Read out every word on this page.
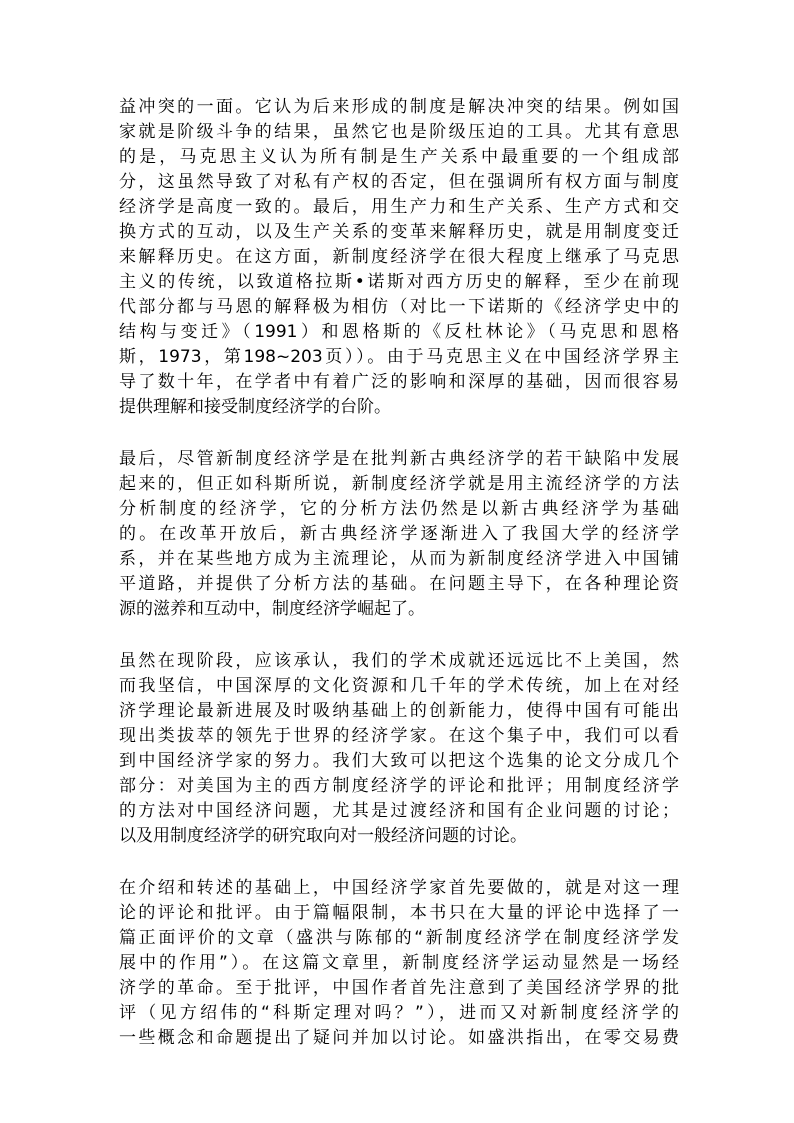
益冲突的一面。它认为后来形成的制度是解决冲突的结果。例如国
家就是阶级斗争的结果，虽然它也是阶级压迫的工具。尤其有意思
的是，马克思主义认为所有制是生产关系中最重要的一个组成部
分，这虽然导致了对私有产权的否定，但在强调所有权方面与制度
经济学是高度一致的。最后，用生产力和生产关系、生产方式和交
换方式的互动，以及生产关系的变革来解释历史，就是用制度变迁
来解释历史。在这方面，新制度经济学在很大程度上继承了马克思
主义的传统，以致道格拉斯•诺斯对西方历史的解释，至少在前现
代部分都与马恩的解释极为相仿（对比一下诺斯的《经济学史中的
结构与变迁》（1991）和恩格斯的《反杜林论》（马克思和恩格
斯，1973，第198~203页））。由于马克思主义在中国经济学界主
导了数十年，在学者中有着广泛的影响和深厚的基础，因而很容易
提供理解和接受制度经济学的台阶。
最后，尽管新制度经济学是在批判新古典经济学的若干缺陷中发展
起来的，但正如科斯所说，新制度经济学就是用主流经济学的方法
分析制度的经济学，它的分析方法仍然是以新古典经济学为基础
的。在改革开放后，新古典经济学逐渐进入了我国大学的经济学
系，并在某些地方成为主流理论，从而为新制度经济学进入中国铺
平道路，并提供了分析方法的基础。在问题主导下，在各种理论资
源的滋养和互动中，制度经济学崛起了。
虽然在现阶段，应该承认，我们的学术成就还远远比不上美国，然
而我坚信，中国深厚的文化资源和几千年的学术传统，加上在对经
济学理论最新进展及时吸纳基础上的创新能力，使得中国有可能出
现出类拔萃的领先于世界的经济学家。在这个集子中，我们可以看
到中国经济学家的努力。我们大致可以把这个选集的论文分成几个
部分：对美国为主的西方制度经济学的评论和批评；用制度经济学
的方法对中国经济问题，尤其是过渡经济和国有企业问题的讨论；
以及用制度经济学的研究取向对一般经济问题的讨论。
在介绍和转述的基础上，中国经济学家首先要做的，就是对这一理
论的评论和批评。由于篇幅限制，本书只在大量的评论中选择了一
篇正面评价的文章（盛洪与陈郁的“新制度经济学在制度经济学发
展中的作用”）。在这篇文章里，新制度经济学运动显然是一场经
济学的革命。至于批评，中国作者首先注意到了美国经济学界的批
评（见方绍伟的“科斯定理对吗？”），进而又对新制度经济学的
一些概念和命题提出了疑问并加以讨论。如盛洪指出，在零交易费
